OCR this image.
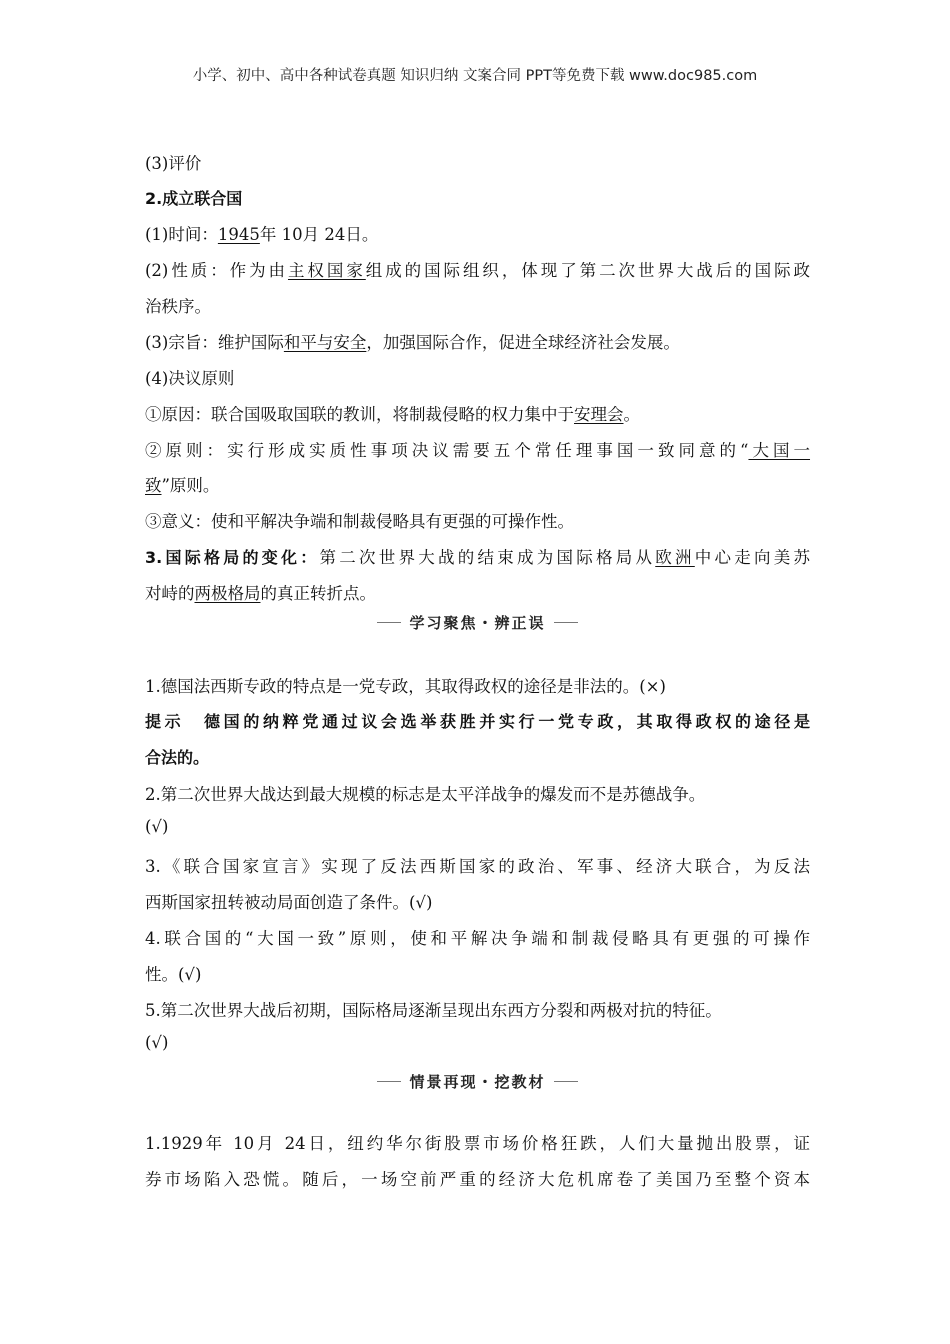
小学、初中、高中各种试卷真题 知识归纳 文案合同 PPT等免费下载 www.doc985.com
(3)评价
2.成立联合国
(1)时间：1945年 10月 24日。
(2)性质：作为由主权国家组成的国际组织，体现了第二次世界大战后的国际政
治秩序。
(3)宗旨：维护国际和平与安全，加强国际合作，促进全球经济社会发展。
(4)决议原则
①原因：联合国吸取国联的教训，将制裁侵略的权力集中于安理会。
②原则：实行形成实质性事项决议需要五个常任理事国一致同意的“大国一
致”原则。
③意义：使和平解决争端和制裁侵略具有更强的可操作性。
3.国际格局的变化：第二次世界大战的结束成为国际格局从欧洲中心走向美苏
对峙的两极格局的真正转折点。
学习聚焦・辨正误
1.德国法西斯专政的特点是一党专政，其取得政权的途径是非法的。(×)
提示　德国的纳粹党通过议会选举获胜并实行一党专政，其取得政权的途径是
合法的。
2.第二次世界大战达到最大规模的标志是太平洋战争的爆发而不是苏德战争。
(√)
3.《联合国家宣言》实现了反法西斯国家的政治、军事、经济大联合，为反法
西斯国家扭转被动局面创造了条件。(√)
4.联合国的“大国一致”原则，使和平解决争端和制裁侵略具有更强的可操作
性。(√)
5.第二次世界大战后初期，国际格局逐渐呈现出东西方分裂和两极对抗的特征。
(√)
情景再现・挖教材
1.1929年 10月 24日，纽约华尔街股票市场价格狂跌，人们大量抛出股票，证
券市场陷入恐慌。随后，一场空前严重的经济大危机席卷了美国乃至整个资本
